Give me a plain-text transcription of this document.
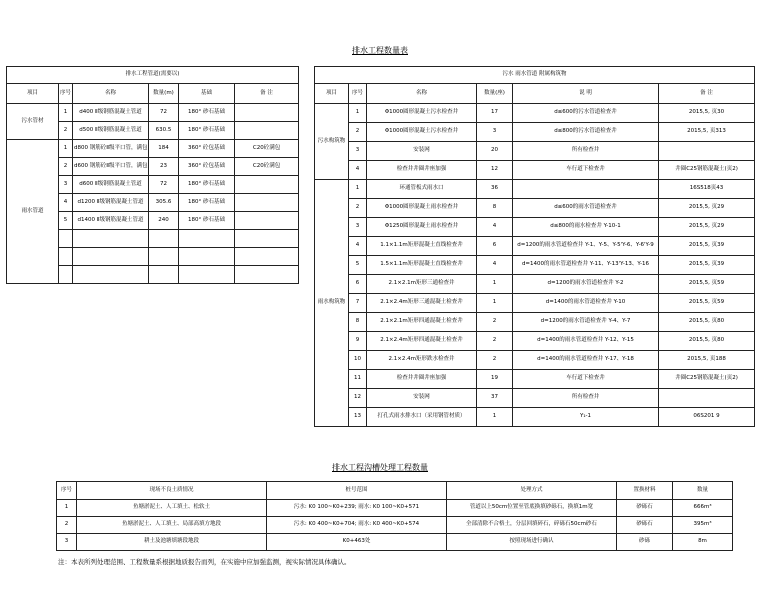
排水工程数量表
排水工程管道(需要以)					
项目	序号	名称	数量(m)	基础	备 注
污水管材	1	d400 Ⅱ级钢筋混凝土管道	72	180° 砂石基础	
	2	d500 Ⅱ级钢筋混凝土管道	630.5	180° 砂石基础	
雨水管道	1	d800 钢筋砼Ⅱ级平口管，满包	184	360° 砼包基础	C20砼满包
	2	d600 钢筋砼Ⅱ级平口管，满包	23	360° 砼包基础	C20砼满包
	3	d600 Ⅱ级钢筋混凝土管道	72	180° 砂石基础	
	4	d1200 Ⅱ级钢筋混凝土管道	305.6	180° 砂石基础	
	5	d1400 Ⅱ级钢筋混凝土管道	240	180° 砂石基础	

污水 雨水管道 附属构筑物					
项目	序号	名称	数量(座)	说 明	备 注
污水构筑物	1	Φ1000圆形混凝土污水检查井	17	d≤600的污水管道检查井	2015,5, 页30
	2	Φ1000圆形混凝土污水检查井	3	d≤800的污水管道检查井	2015,5, 页313
	3	安装网	20	所有检查井	
	4	检查井井圈井座加强	12	车行道下检查井	井圈C25钢筋混凝土(页2)
雨水构筑物	1	环通管板式雨水口	36		16S518页43
	2	Φ1000圆形混凝土雨水检查井	8	d≤600的雨水管道检查井	2015,5, 页29
	3	Φ1250圆形混凝土雨水检查井	4	d≤800的雨水检查井 Y-10-1	2015,5, 页29
	4	1.1×1.1m矩形混凝土直线检查井	6	d=1200的雨水管道检查井 Y-1、Y-5、Y-5'Y-6、Y-6'Y-9	2015,5, 页39
	5	1.5×1.1m矩形混凝土直线检查井	4	d=1400的雨水管道检查井 Y-11、Y-13'Y-13、Y-16	2015,5, 页39
	6	2.1×2.1m矩形三通检查井	1	d=1200的雨水管道检查井 Y-2	2015,5, 页59
	7	2.1×2.4m矩形三通混凝土检查井	1	d=1400的雨水管道检查井 Y-10	2015,5, 页59
	8	2.1×2.1m矩形四通混凝土检查井	2	d=1200的雨水管道检查井 Y-4、Y-7	2015,5, 页80
	9	2.1×2.4m矩形四通混凝土检查井	2	d=1400的雨水管道检查井 Y-12、Y-15	2015,5, 页80
	10	2.1×2.4m矩形跌水检查井	2	d=1400的雨水管道检查井 Y-17、Y-18	2015,5, 页188
	11	检查井井圈井座加强	19	车行道下检查井	井圈C25钢筋混凝土(页2)
	12	安装网	37	所有检查井	
	13	打孔式雨水排水口（采用钢管材质）	1	Y₁-1	06S201 9
排水工程沟槽处理工程数量
序号	现场不良土质情况	桩号范围	处理方式	置换材料	数量
1	鱼塘淤泥土、人工填土、松软土	污水: K0 100~K0+239; 雨水: K0 100~K0+571	管道以上50cm位置至管底换填砂砾石，换填1m宽	砂砾石	666m³
2	鱼塘淤泥土、人工填土、局部高填方地段	污水: K0 400~K0+704; 雨水: K0 400~K0+574	全部清除不合格土，分层回填碎石，碎砾石50cm砂石	砂砾石	395m³
3	耕土及池塘填塘段地段	K0+463处	按照现场进行确认	砂砾	8m
注：本表所列处理范围、工程数量系根据地质报告而列，在实施中应加强监测，视实际情况具体确认。
